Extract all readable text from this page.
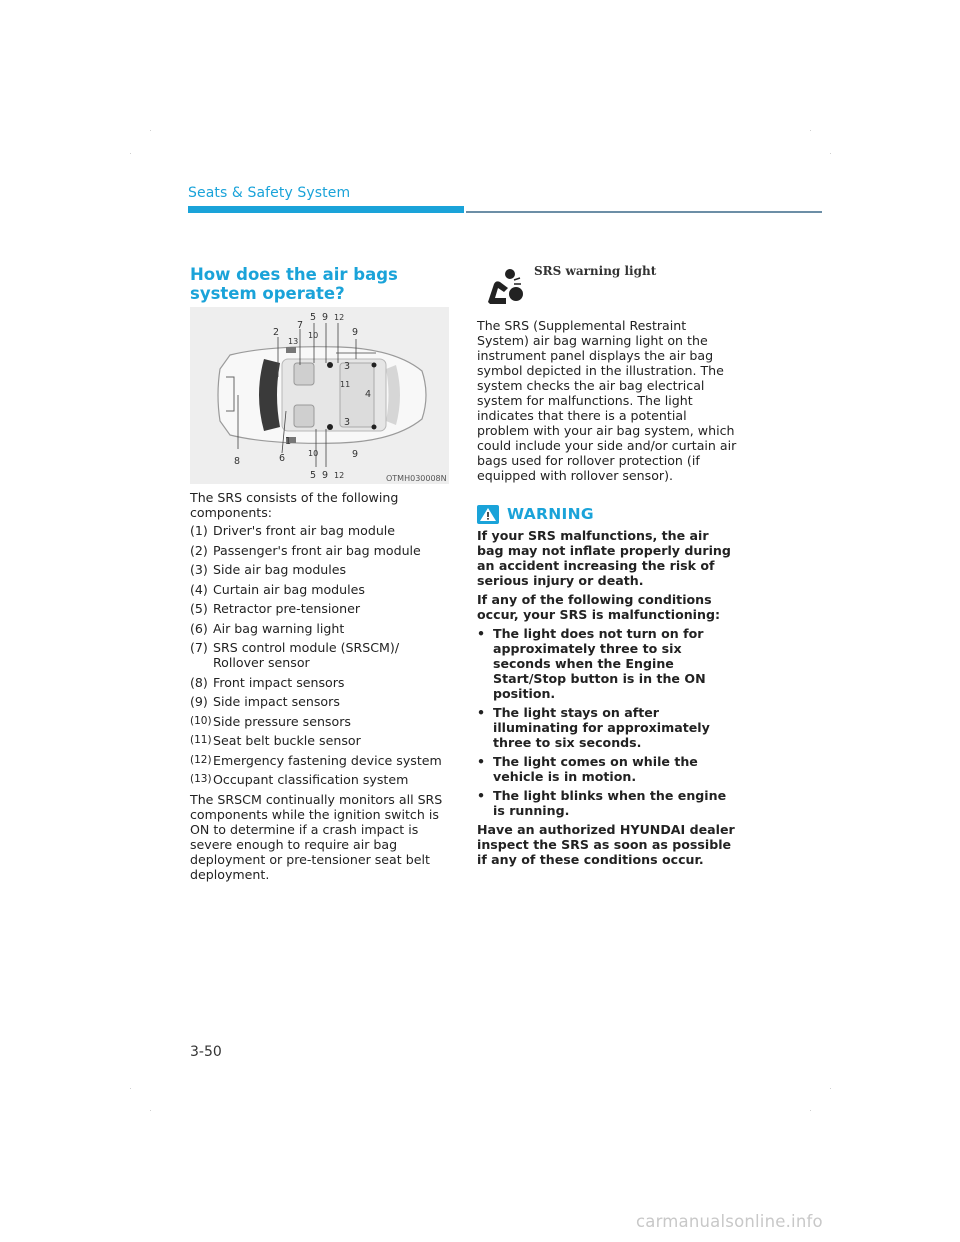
Seats & Safety System
How does the air bags system operate?
2
7
5 9 12
13
10	9
3
11
4
3
1
10	9
8	6
5 9 12	OTMH030008N

The SRS consists of the following components:

(1) Driver's front air bag module
(2) Passenger's front air bag module
(3) Side air bag modules
(4) Curtain air bag modules
(5) Retractor pre-tensioner
(6) Air bag warning light
(7) SRS control module (SRSCM)/ Rollover sensor
(8) Front impact sensors
(9) Side impact sensors
(10) Side pressure sensors
(11) Seat belt buckle sensor
(12) Emergency fastening device system
(13) Occupant classification system

The SRSCM continually monitors all SRS components while the ignition switch is ON to determine if a crash impact is severe enough to require air bag deployment or pre-tensioner seat belt deployment.

SRS warning light

The SRS (Supplemental Restraint System) air bag warning light on the instrument panel displays the air bag symbol depicted in the illustration. The system checks the air bag electrical system for malfunctions. The light indicates that there is a potential problem with your air bag system, which could include your side and/or curtain air bags used for rollover protection (if equipped with rollover sensor).

WARNING

If your SRS malfunctions, the air bag may not inflate properly during an accident increasing the risk of serious injury or death.

If any of the following conditions occur, your SRS is malfunctioning:

• The light does not turn on for approximately three to six seconds when the Engine Start/Stop button is in the ON position.
• The light stays on after illuminating for approximately three to six seconds.
• The light comes on while the vehicle is in motion.
• The light blinks when the engine is running.

Have an authorized HYUNDAI dealer inspect the SRS as soon as possible if any of these conditions occur.

3-50
carmanualsonline.info
